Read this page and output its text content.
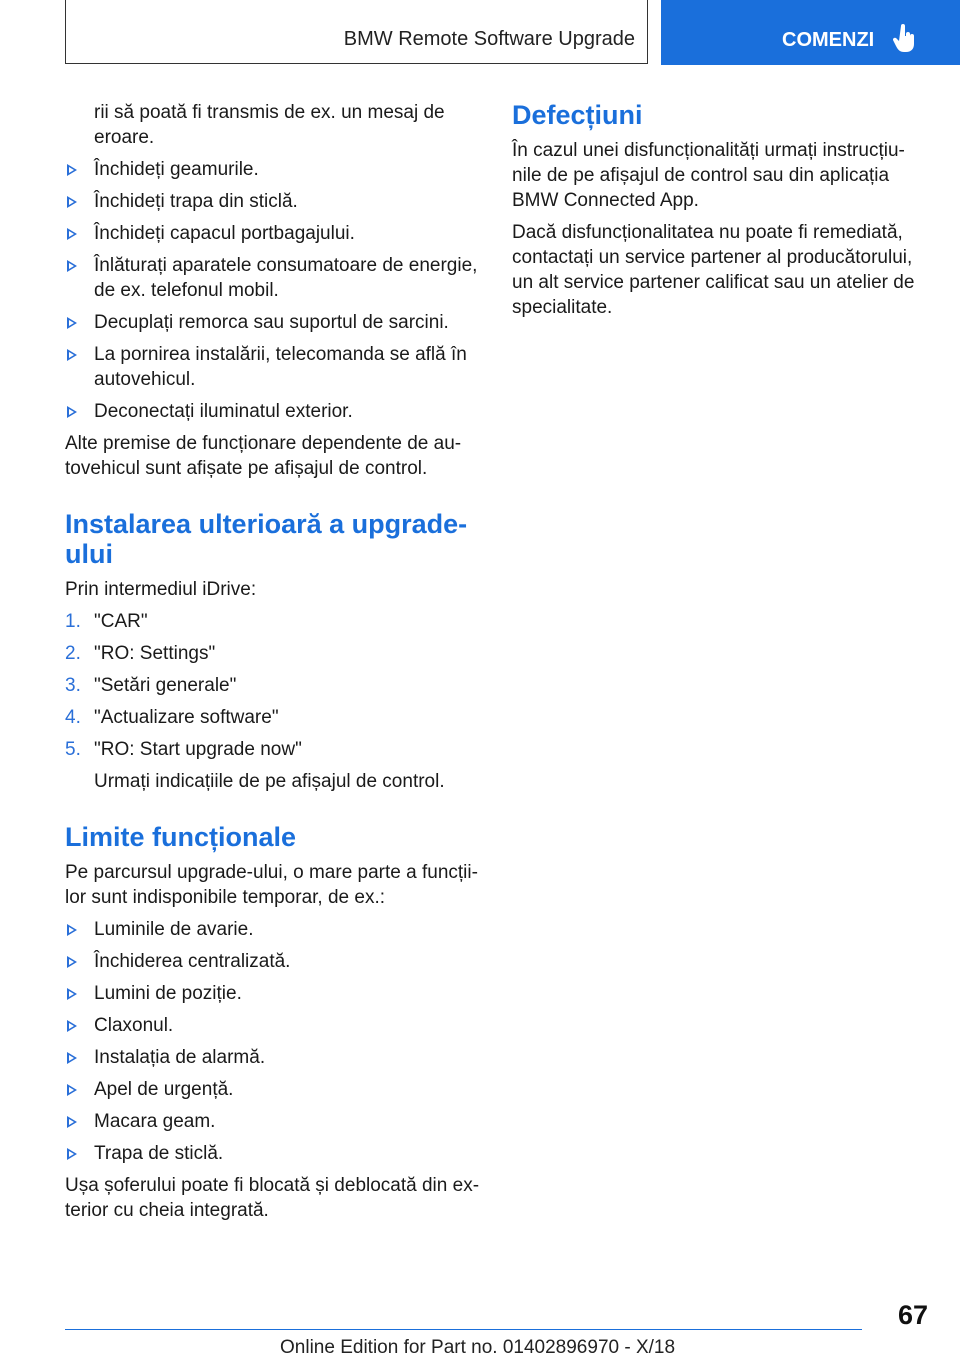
BMW Remote Software Upgrade	COMENZI
rii să poată fi transmis de ex. un mesaj de eroare.
Închideți geamurile.
Închideți trapa din sticlă.
Închideți capacul portbagajului.
Înlăturați aparatele consumatoare de energie, de ex. telefonul mobil.
Decuplați remorca sau suportul de sarcini.
La pornirea instalării, telecomanda se află în autovehicul.
Deconectați iluminatul exterior.

Alte premise de funcționare dependente de autovehicul sunt afișate pe afișajul de control.

Instalarea ulterioară a upgrade-ului

Prin intermediul iDrive:

1. "CAR"
2. "RO: Settings"
3. "Setări generale"
4. "Actualizare software"
5. "RO: Start upgrade now"
Urmați indicațiile de pe afișajul de control.
Limite funcționale

Pe parcursul upgrade-ului, o mare parte a funcțiilor sunt indisponibile temporar, de ex.:

Luminile de avarie.
Închiderea centralizată.
Lumini de poziție.
Claxonul.
Instalația de alarmă.
Apel de urgență.
Macara geam.
Trapa de sticlă.

Ușa șoferului poate fi blocată și deblocată din exterior cu cheia integrată.

Defecțiuni

În cazul unei disfuncționalități urmați instrucțiunile de pe afișajul de control sau din aplicația BMW Connected App.

Dacă disfuncționalitatea nu poate fi remediată, contactați un service partener al producătorului, un alt service partener calificat sau un atelier de specialitate.

67
Online Edition for Part no. 01402896970 - X/18
